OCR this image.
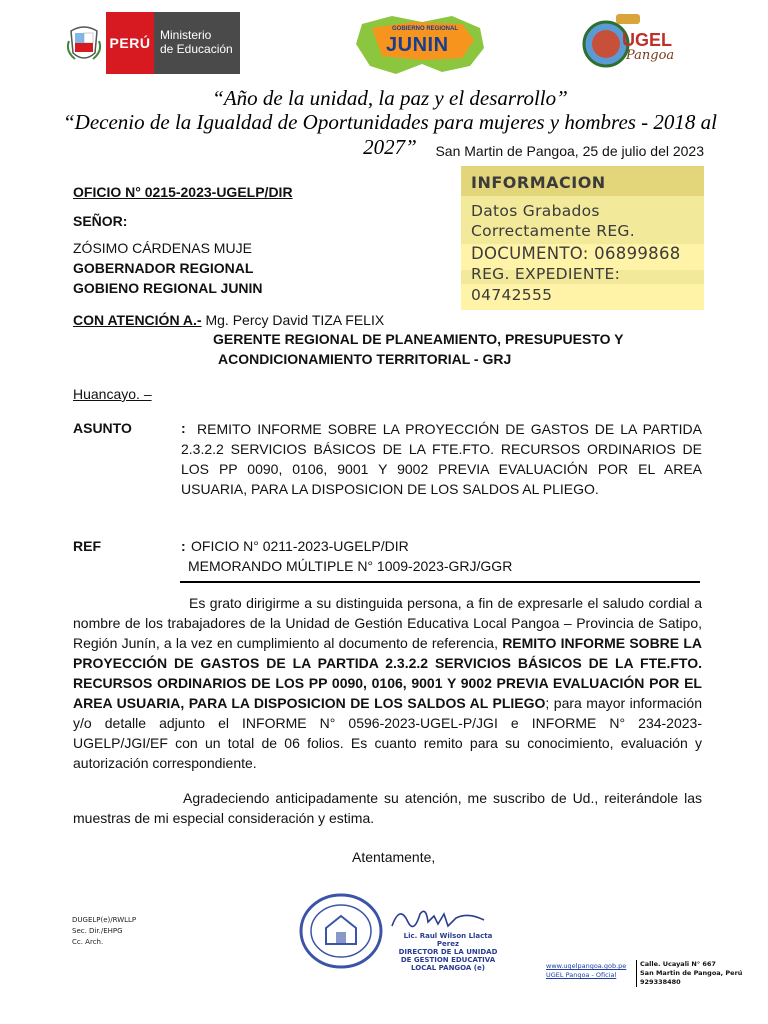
PERÚ Ministerio
de Educación
GOBIERNO REGIONAL
JUNIN	UGEL
Pangoa
“Año de la unidad, la paz y el desarrollo”
“Decenio de la Igualdad de Oportunidades para mujeres y hombres - 2018 al 2027”	San Martin de Pangoa, 25 de julio del 2023
INFORMACION
Datos Grabados
Correctamente REG.
DOCUMENTO: 06899868
REG. EXPEDIENTE:
04742555
OFICIO N° 0215-2023-UGELP/DIR
SEÑOR:
ZÓSIMO CÁRDENAS MUJE
GOBERNADOR REGIONAL
GOBIENO REGIONAL JUNIN
CON ATENCIÓN A.- Mg. Percy David TIZA FELIX
GERENTE REGIONAL DE PLANEAMIENTO, PRESUPUESTO Y
ACONDICIONAMIENTO TERRITORIAL - GRJ
Huancayo. –
ASUNTO	: REMITO INFORME SOBRE LA PROYECCIÓN DE GASTOS DE LA PARTIDA 2.3.2.2 SERVICIOS BÁSICOS DE LA FTE.FTO. RECURSOS ORDINARIOS DE LOS PP 0090, 0106, 9001 Y 9002 PREVIA EVALUACIÓN POR EL AREA USUARIA, PARA LA DISPOSICION DE LOS SALDOS AL PLIEGO.
REF	: OFICIO N° 0211-2023-UGELP/DIR
MEMORANDO MÚLTIPLE N° 1009-2023-GRJ/GGR
Es grato dirigirme a su distinguida persona, a fin de expresarle el saludo cordial a nombre de los trabajadores de la Unidad de Gestión Educativa Local Pangoa – Provincia de Satipo, Región Junín, a la vez en cumplimiento al documento de referencia, REMITO INFORME SOBRE LA PROYECCIÓN DE GASTOS DE LA PARTIDA 2.3.2.2 SERVICIOS BÁSICOS DE LA FTE.FTO. RECURSOS ORDINARIOS DE LOS PP 0090, 0106, 9001 Y 9002 PREVIA EVALUACIÓN POR EL AREA USUARIA, PARA LA DISPOSICION DE LOS SALDOS AL PLIEGO; para mayor información y/o detalle adjunto el INFORME N° 0596-2023-UGEL-P/JGI e INFORME N° 234-2023-UGELP/JGI/EF con un total de 06 folios. Es cuanto remito para su conocimiento, evaluación y autorización correspondiente.
Agradeciendo anticipadamente su atención, me suscribo de Ud., reiterándole las muestras de mi especial consideración y estima.
Atentamente,
DUGELP(e)/RWLLP
Sec. Dir./EHPG
Cc. Arch.
Lic. Raul Wilson Llacta Perez
DIRECTOR DE LA UNIDAD DE GESTION EDUCATIVA LOCAL PANGOA (e)	www.ugelpangoa.gob.pe
UGEL Pangoa - Oficial
Calle. Ucayali N° 667
San Martin de Pangoa, Perú
929338480
